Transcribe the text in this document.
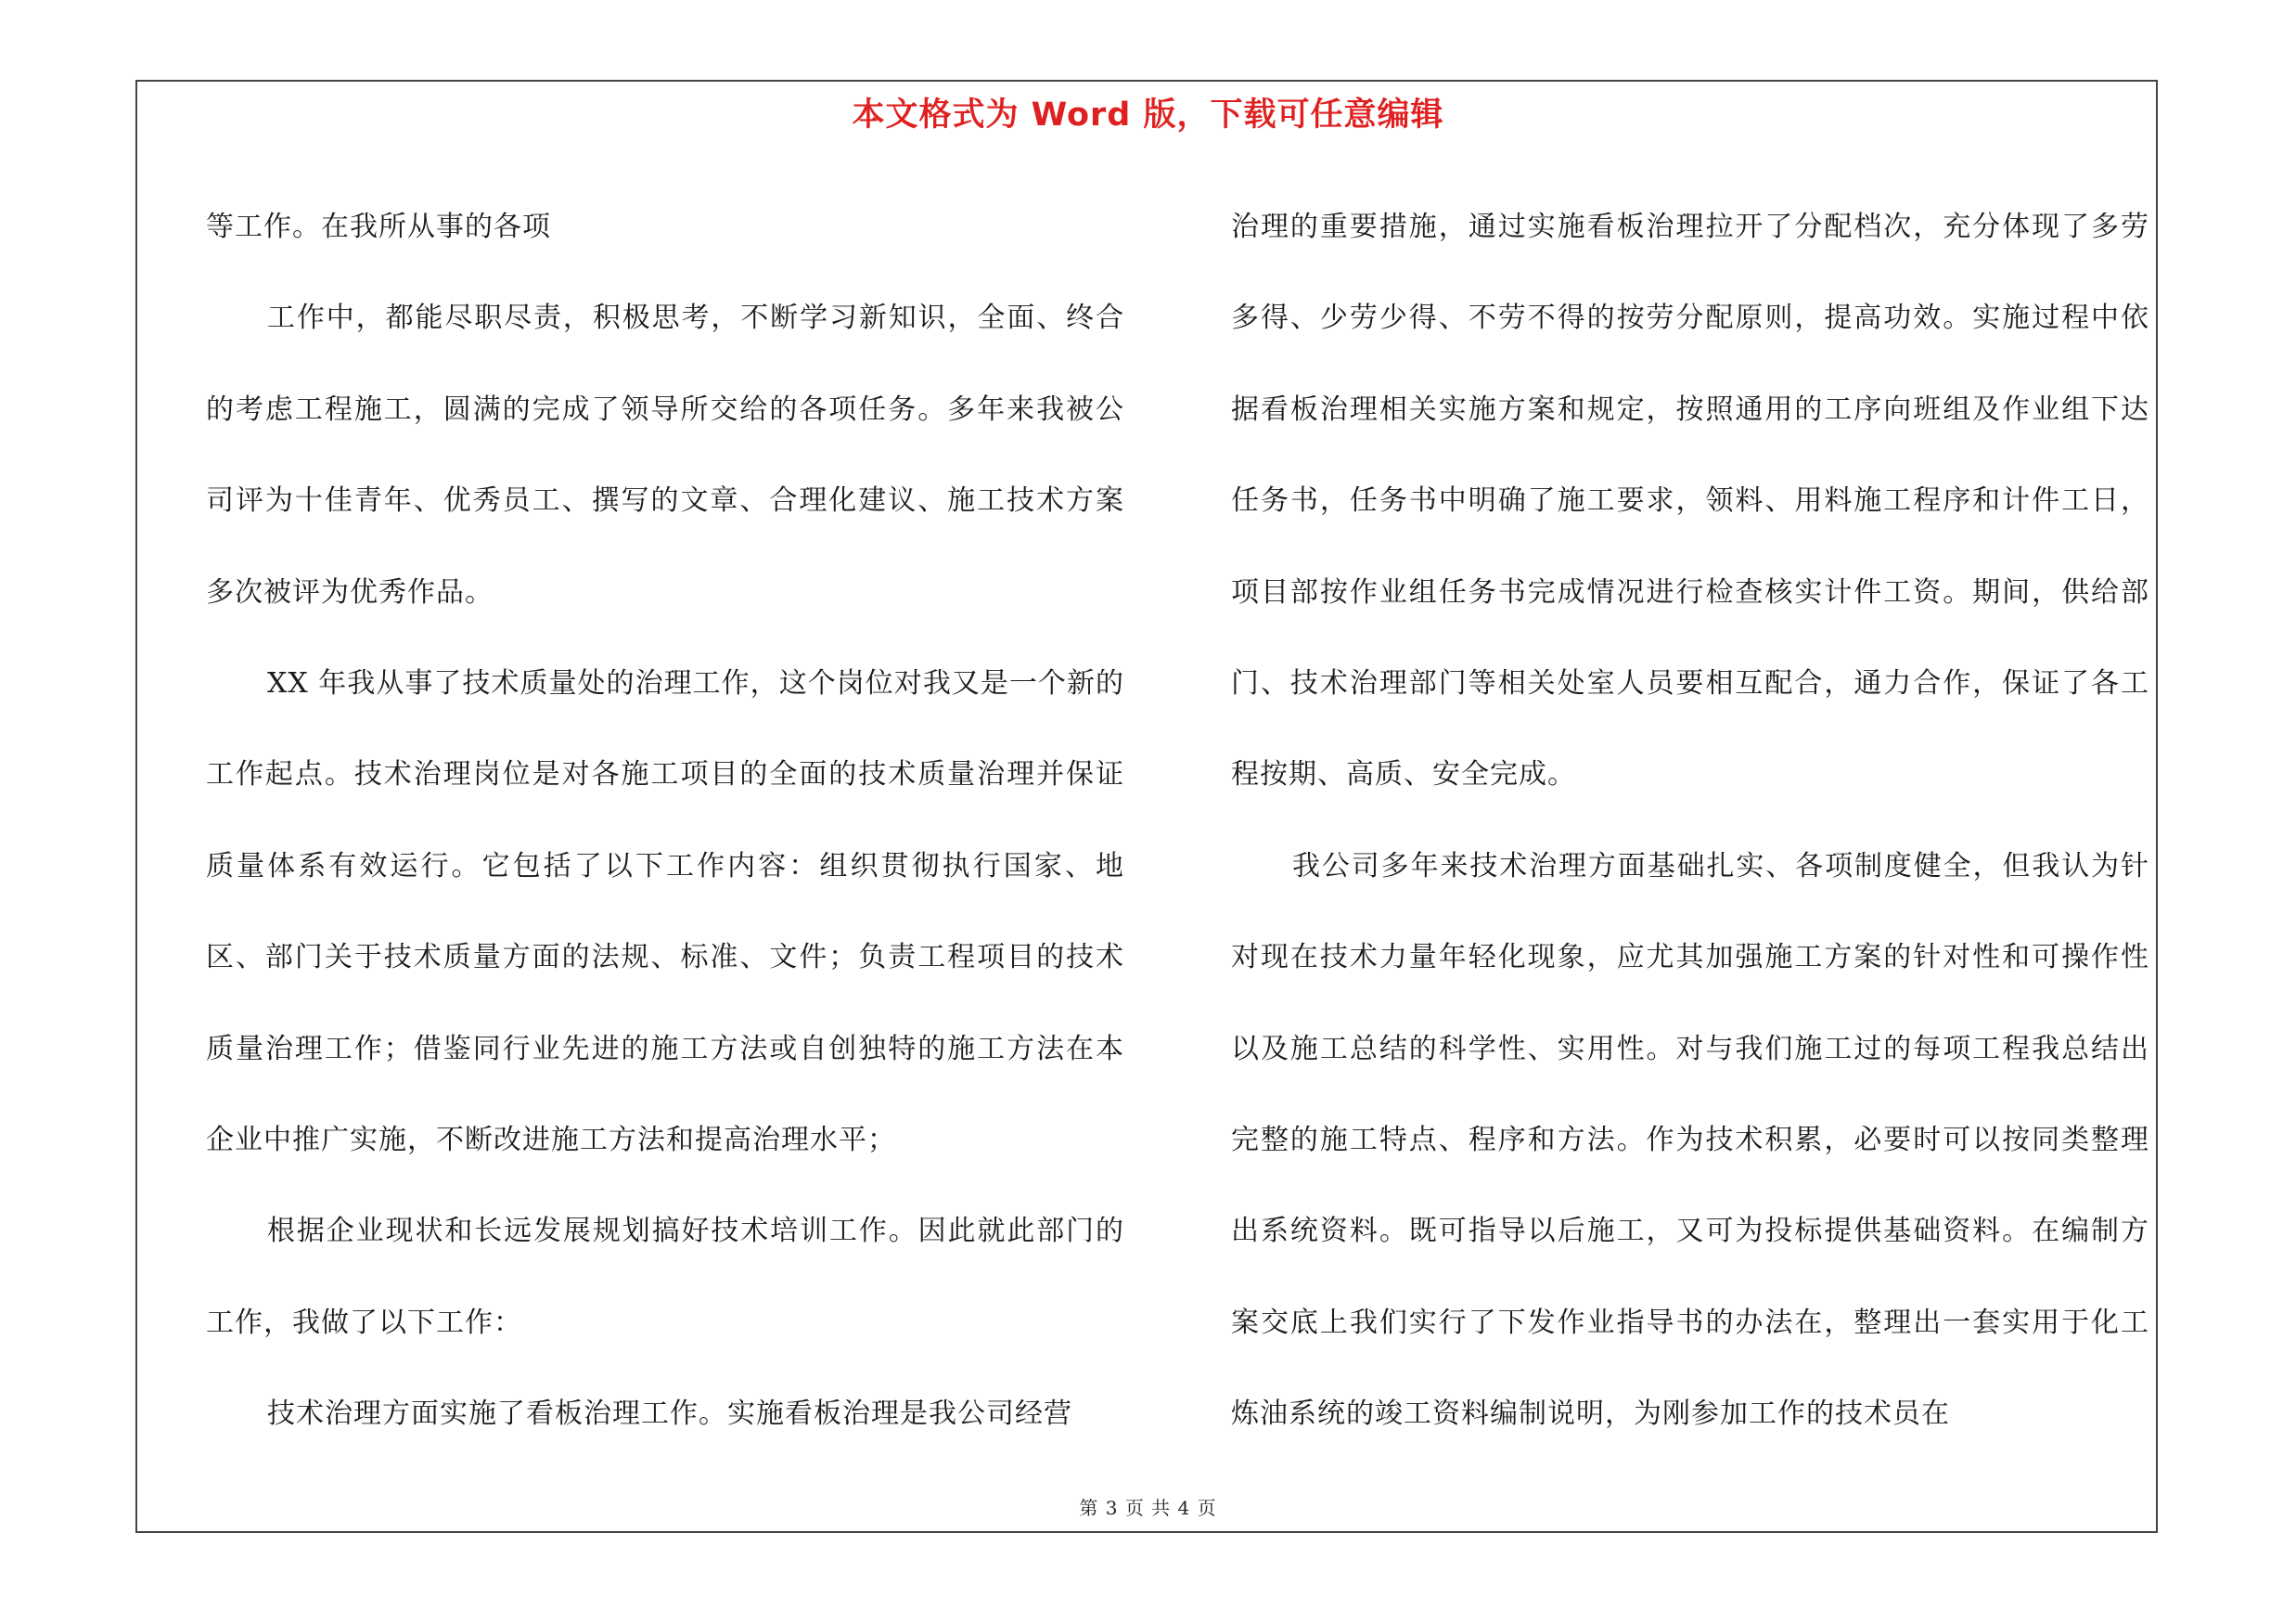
本文格式为 Word 版，下载可任意编辑

等工作。在我所从事的各项

工作中，都能尽职尽责，积极思考，不断学习新知识，全面、终合的考虑工程施工，圆满的完成了领导所交给的各项任务。多年来我被公司评为十佳青年、优秀员工、撰写的文章、合理化建议、施工技术方案多次被评为优秀作品。

XX 年我从事了技术质量处的治理工作，这个岗位对我又是一个新的工作起点。技术治理岗位是对各施工项目的全面的技术质量治理并保证质量体系有效运行。它包括了以下工作内容：组织贯彻执行国家、地区、部门关于技术质量方面的法规、标准、文件；负责工程项目的技术质量治理工作；借鉴同行业先进的施工方法或自创独特的施工方法在本企业中推广实施，不断改进施工方法和提高治理水平；

根据企业现状和长远发展规划搞好技术培训工作。因此就此部门的工作，我做了以下工作：

技术治理方面实施了看板治理工作。实施看板治理是我公司经营

治理的重要措施，通过实施看板治理拉开了分配档次，充分体现了多劳多得、少劳少得、不劳不得的按劳分配原则，提高功效。实施过程中依据看板治理相关实施方案和规定，按照通用的工序向班组及作业组下达任务书，任务书中明确了施工要求，领料、用料施工程序和计件工日，项目部按作业组任务书完成情况进行检查核实计件工资。期间，供给部门、技术治理部门等相关处室人员要相互配合，通力合作，保证了各工程按期、高质、安全完成。

我公司多年来技术治理方面基础扎实、各项制度健全，但我认为针对现在技术力量年轻化现象，应尤其加强施工方案的针对性和可操作性以及施工总结的科学性、实用性。对与我们施工过的每项工程我总结出完整的施工特点、程序和方法。作为技术积累，必要时可以按同类整理出系统资料。既可指导以后施工，又可为投标提供基础资料。在编制方案交底上我们实行了下发作业指导书的办法在，整理出一套实用于化工炼油系统的竣工资料编制说明，为刚参加工作的技术员在

第 3 页 共 4 页
